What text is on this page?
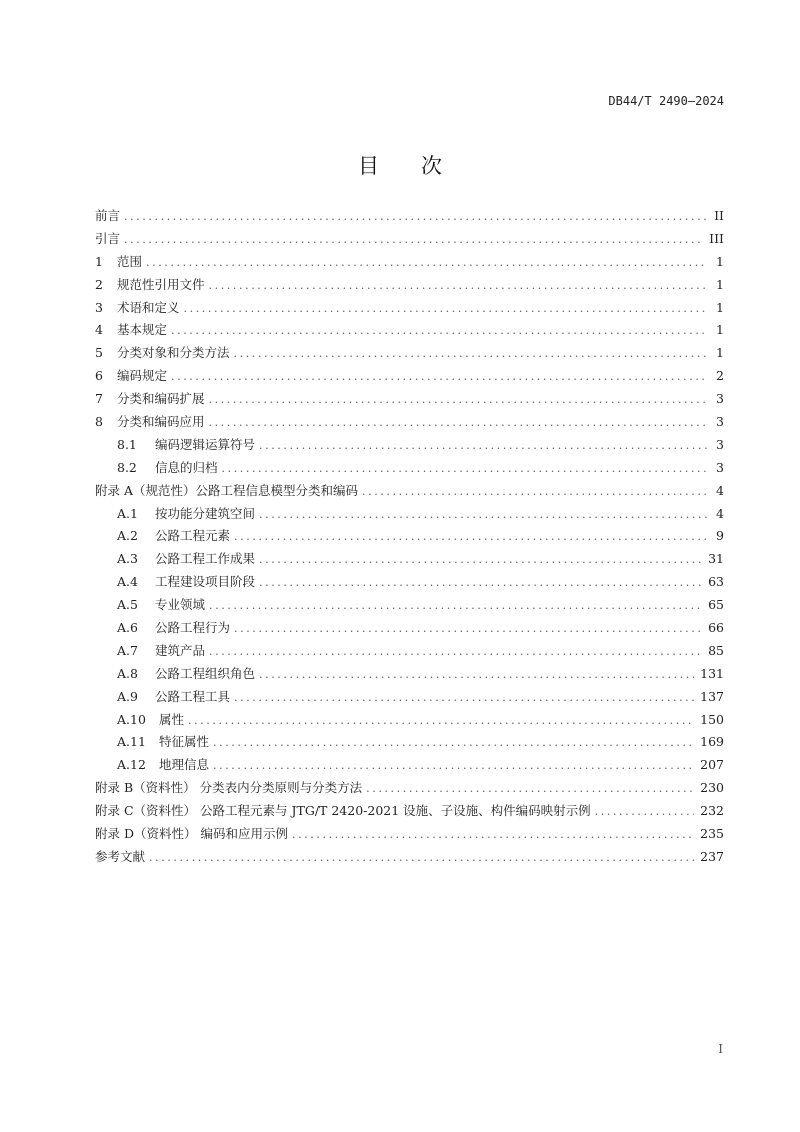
DB44/T 2490—2024
目 次
前言 .....	II
引言 .....	III
1	范围 .....	1
2	规范性引用文件 .....	1
3	术语和定义 .....	1
4	基本规定 .....	1
5	分类对象和分类方法 .....	1
6	编码规定 .....	2
7	分类和编码扩展 .....	3
8	分类和编码应用 .....	3
8.1	编码逻辑运算符号 .....	3
8.2	信息的归档 .....	3
附录 A（规范性）公路工程信息模型分类和编码 .....	4
A.1	按功能分建筑空间 .....	4
A.2	公路工程元素 .....	9
A.3	公路工程工作成果 .....	31
A.4	工程建设项目阶段 .....	63
A.5	专业领域 .....	65
A.6	公路工程行为 .....	66
A.7	建筑产品 .....	85
A.8	公路工程组织角色 .....	131
A.9	公路工程工具 .....	137
A.10	属性 .....	150
A.11	特征属性 .....	169
A.12	地理信息 .....	207
附录 B（资料性） 分类表内分类原则与分类方法 .....	230
附录 C（资料性） 公路工程元素与 JTG/T 2420-2021 设施、子设施、构件编码映射示例 .....	232
附录 D（资料性） 编码和应用示例 .....	235
参考文献 .....	237
I
